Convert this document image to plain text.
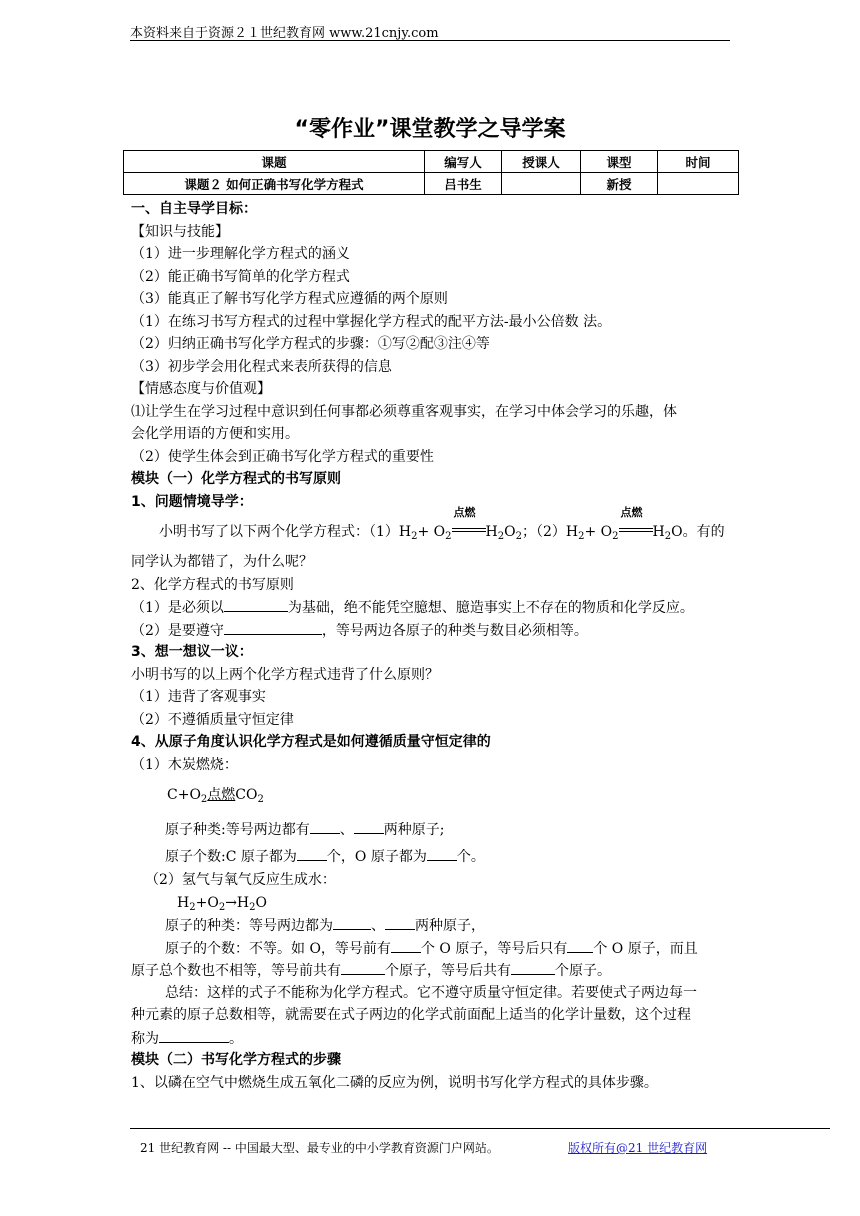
本资料来自于资源２１世纪教育网 www.21cnjy.com
“零作业”课堂教学之导学案
课题	编写人	授课人	课型	时间
课题２ 如何正确书写化学方程式	吕书生		新授	
一、自主导学目标：
【知识与技能】
（1）进一步理解化学方程式的涵义
（2）能正确书写简单的化学方程式
（3）能真正了解书写化学方程式应遵循的两个原则
（1）在练习书写方程式的过程中掌握化学方程式的配平方法-最小公倍数 法。
（2）归纳正确书写化学方程式的步骤：①写②配③注④等
（3）初步学会用化程式来表所获得的信息
【情感态度与价值观】
⑴让学生在学习过程中意识到任何事都必须尊重客观事实，在学习中体会学习的乐趣，体
会化学用语的方便和实用。
（2）使学生体会到正确书写化学方程式的重要性
模块（一）化学方程式的书写原则
1、问题情境导学：
小明书写了以下两个化学方程式：$(1)H_2+ O_2$
点燃
$H_2O_2$；$(2)H_2+ O_2$
点燃
$H_2O$。有的
同学认为都错了，为什么呢？
2、化学方程式的书写原则
（1）是必须以	为基础，绝不能凭空臆想、臆造事实上不存在的物质和化学反应。
（2）是要遵守	，等号两边各原子的种类与数目必须相等。
3、想一想议一议：
小明书写的以上两个化学方程式违背了什么原则？
（1）违背了客观事实
（2）不遵循质量守恒定律
4、从原子角度认识化学方程式是如何遵循质量守恒定律的
（1）木炭燃烧：
$C+O_2$点燃$CO_2$
原子种类:等号两边都有 、 两种原子;
原子个数:C 原子都为 个，O 原子都为 个。
（2）氢气与氧气反应生成水：
$H_2+O_2\to H_2O$
原子的种类：等号两边都为	、 两种原子，
原子的个数：不等。如 O，等号前有 个 O 原子，等号后只有 个 O 原子，而且
原子总个数也不相等，等号前共有	个原子，等号后共有	个原子。
总结：这样的式子不能称为化学方程式。它不遵守质量守恒定律。若要使式子两边每一
种元素的原子总数相等，就需要在式子两边的化学式前面配上适当的化学计量数，这个过程
称为	。
模块（二）书写化学方程式的步骤
1、以磷在空气中燃烧生成五氧化二磷的反应为例，说明书写化学方程式的具体步骤。
21 世纪教育网 -- 中国最大型、最专业的中小学教育资源门户网站。	版权所有@21 世纪教育网
